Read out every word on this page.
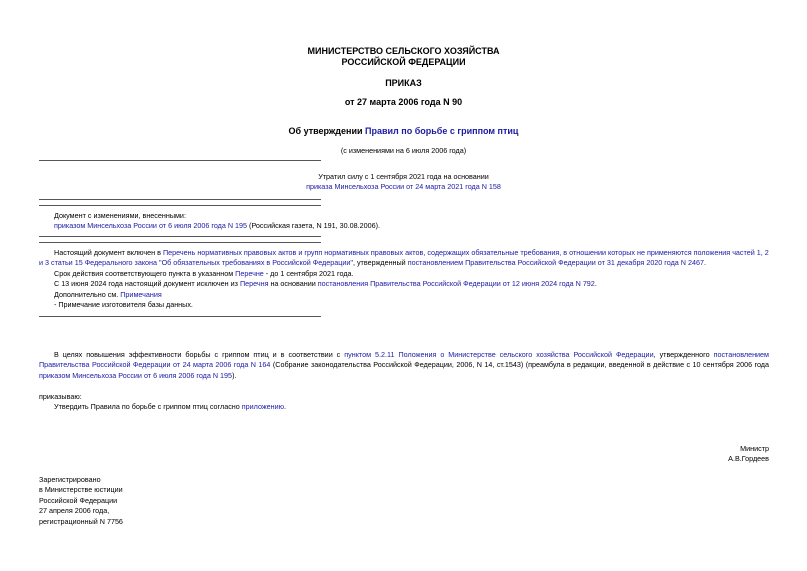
МИНИСТЕРСТВО СЕЛЬСКОГО ХОЗЯЙСТВА
РОССИЙСКОЙ ФЕДЕРАЦИИ
ПРИКАЗ
от 27 марта 2006 года N 90
Об утверждении Правил по борьбе с гриппом птиц
(с изменениями на 6 июля 2006 года)
Утратил силу с 1 сентября 2021 года на основании
приказа Минсельхоза России от 24 марта 2021 года N 158
Документ с изменениями, внесенными:
приказом Минсельхоза России от 6 июля 2006 года N 195 (Российская газета, N 191, 30.08.2006).
Настоящий документ включен в Перечень нормативных правовых актов и групп нормативных правовых актов, содержащих обязательные требования, в отношении которых не применяются положения частей 1, 2 и 3 статьи 15 Федерального закона "Об обязательных требованиях в Российской Федерации", утвержденный постановлением Правительства Российской Федерации от 31 декабря 2020 года N 2467.
Срок действия соответствующего пункта в указанном Перечне - до 1 сентября 2021 года.
С 13 июня 2024 года настоящий документ исключен из Перечня на основании постановления Правительства Российской Федерации от 12 июня 2024 года N 792.
Дополнительно см. Примечания
- Примечание изготовителя базы данных.
В целях повышения эффективности борьбы с гриппом птиц и в соответствии с пунктом 5.2.11 Положения о Министерстве сельского хозяйства Российской Федерации, утвержденного постановлением Правительства Российской Федерации от 24 марта 2006 года N 164 (Собрание законодательства Российской Федерации, 2006, N 14, ст.1543) (преамбула в редакции, введенной в действие с 10 сентября 2006 года приказом Минсельхоза России от 6 июля 2006 года N 195).
приказываю:
Утвердить Правила по борьбе с гриппом птиц согласно приложению.
Министр
А.В.Гордеев
Зарегистрировано
в Министерстве юстиции
Российской Федерации
27 апреля 2006 года,
регистрационный N 7756
